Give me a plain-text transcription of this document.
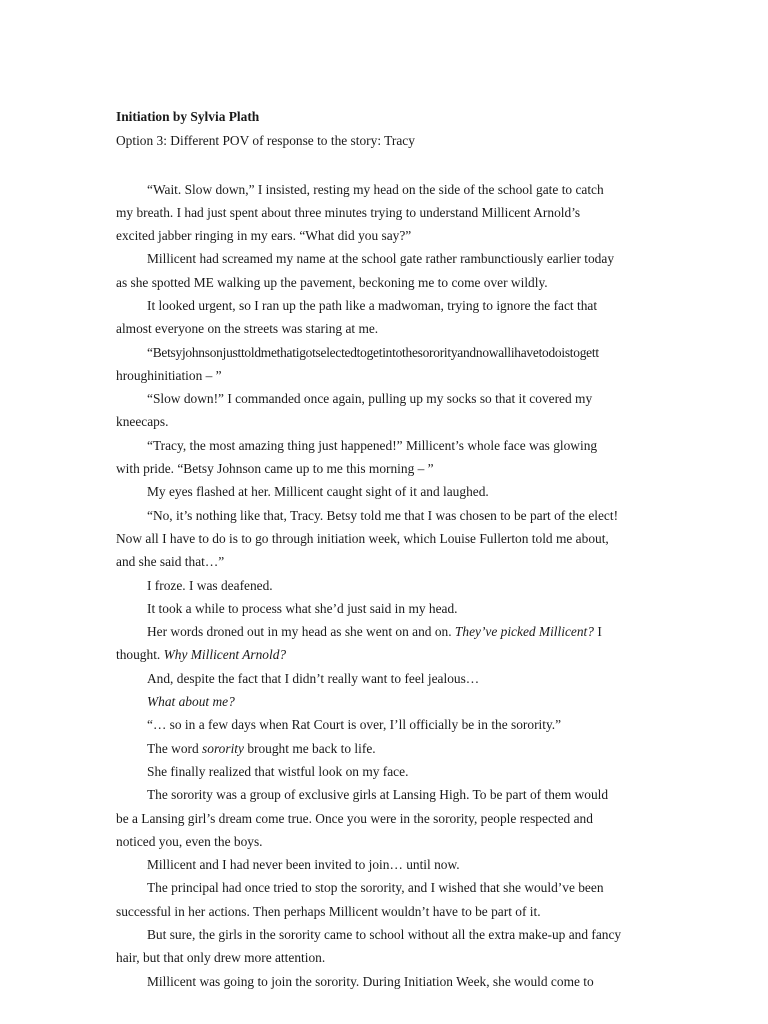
Initiation by Sylvia Plath
Option 3: Different POV of response to the story: Tracy
“Wait. Slow down,” I insisted, resting my head on the side of the school gate to catch
my breath. I had just spent about three minutes trying to understand Millicent Arnold’s
excited jabber ringing in my ears. “What did you say?”
Millicent had screamed my name at the school gate rather rambunctiously earlier today
as she spotted ME walking up the pavement, beckoning me to come over wildly.
It looked urgent, so I ran up the path like a madwoman, trying to ignore the fact that
almost everyone on the streets was staring at me.
“Betsyjohnsonjusttoldmethatigotselectedtogetintothesororityandnowallihavetodoistogett
hroughinitiation – ”
“Slow down!” I commanded once again, pulling up my socks so that it covered my
kneecaps.
“Tracy, the most amazing thing just happened!” Millicent’s whole face was glowing
with pride. “Betsy Johnson came up to me this morning – ”
My eyes flashed at her. Millicent caught sight of it and laughed.
“No, it’s nothing like that, Tracy. Betsy told me that I was chosen to be part of the elect!
Now all I have to do is to go through initiation week, which Louise Fullerton told me about,
and she said that…”
I froze. I was deafened.
It took a while to process what she’d just said in my head.
Her words droned out in my head as she went on and on. They’ve picked Millicent? I
thought. Why Millicent Arnold?
And, despite the fact that I didn’t really want to feel jealous…
What about me?
“… so in a few days when Rat Court is over, I’ll officially be in the sorority.”
The word sorority brought me back to life.
She finally realized that wistful look on my face.
The sorority was a group of exclusive girls at Lansing High. To be part of them would
be a Lansing girl’s dream come true. Once you were in the sorority, people respected and
noticed you, even the boys.
Millicent and I had never been invited to join… until now.
The principal had once tried to stop the sorority, and I wished that she would’ve been
successful in her actions. Then perhaps Millicent wouldn’t have to be part of it.
But sure, the girls in the sorority came to school without all the extra make-up and fancy
hair, but that only drew more attention.
Millicent was going to join the sorority. During Initiation Week, she would come to
